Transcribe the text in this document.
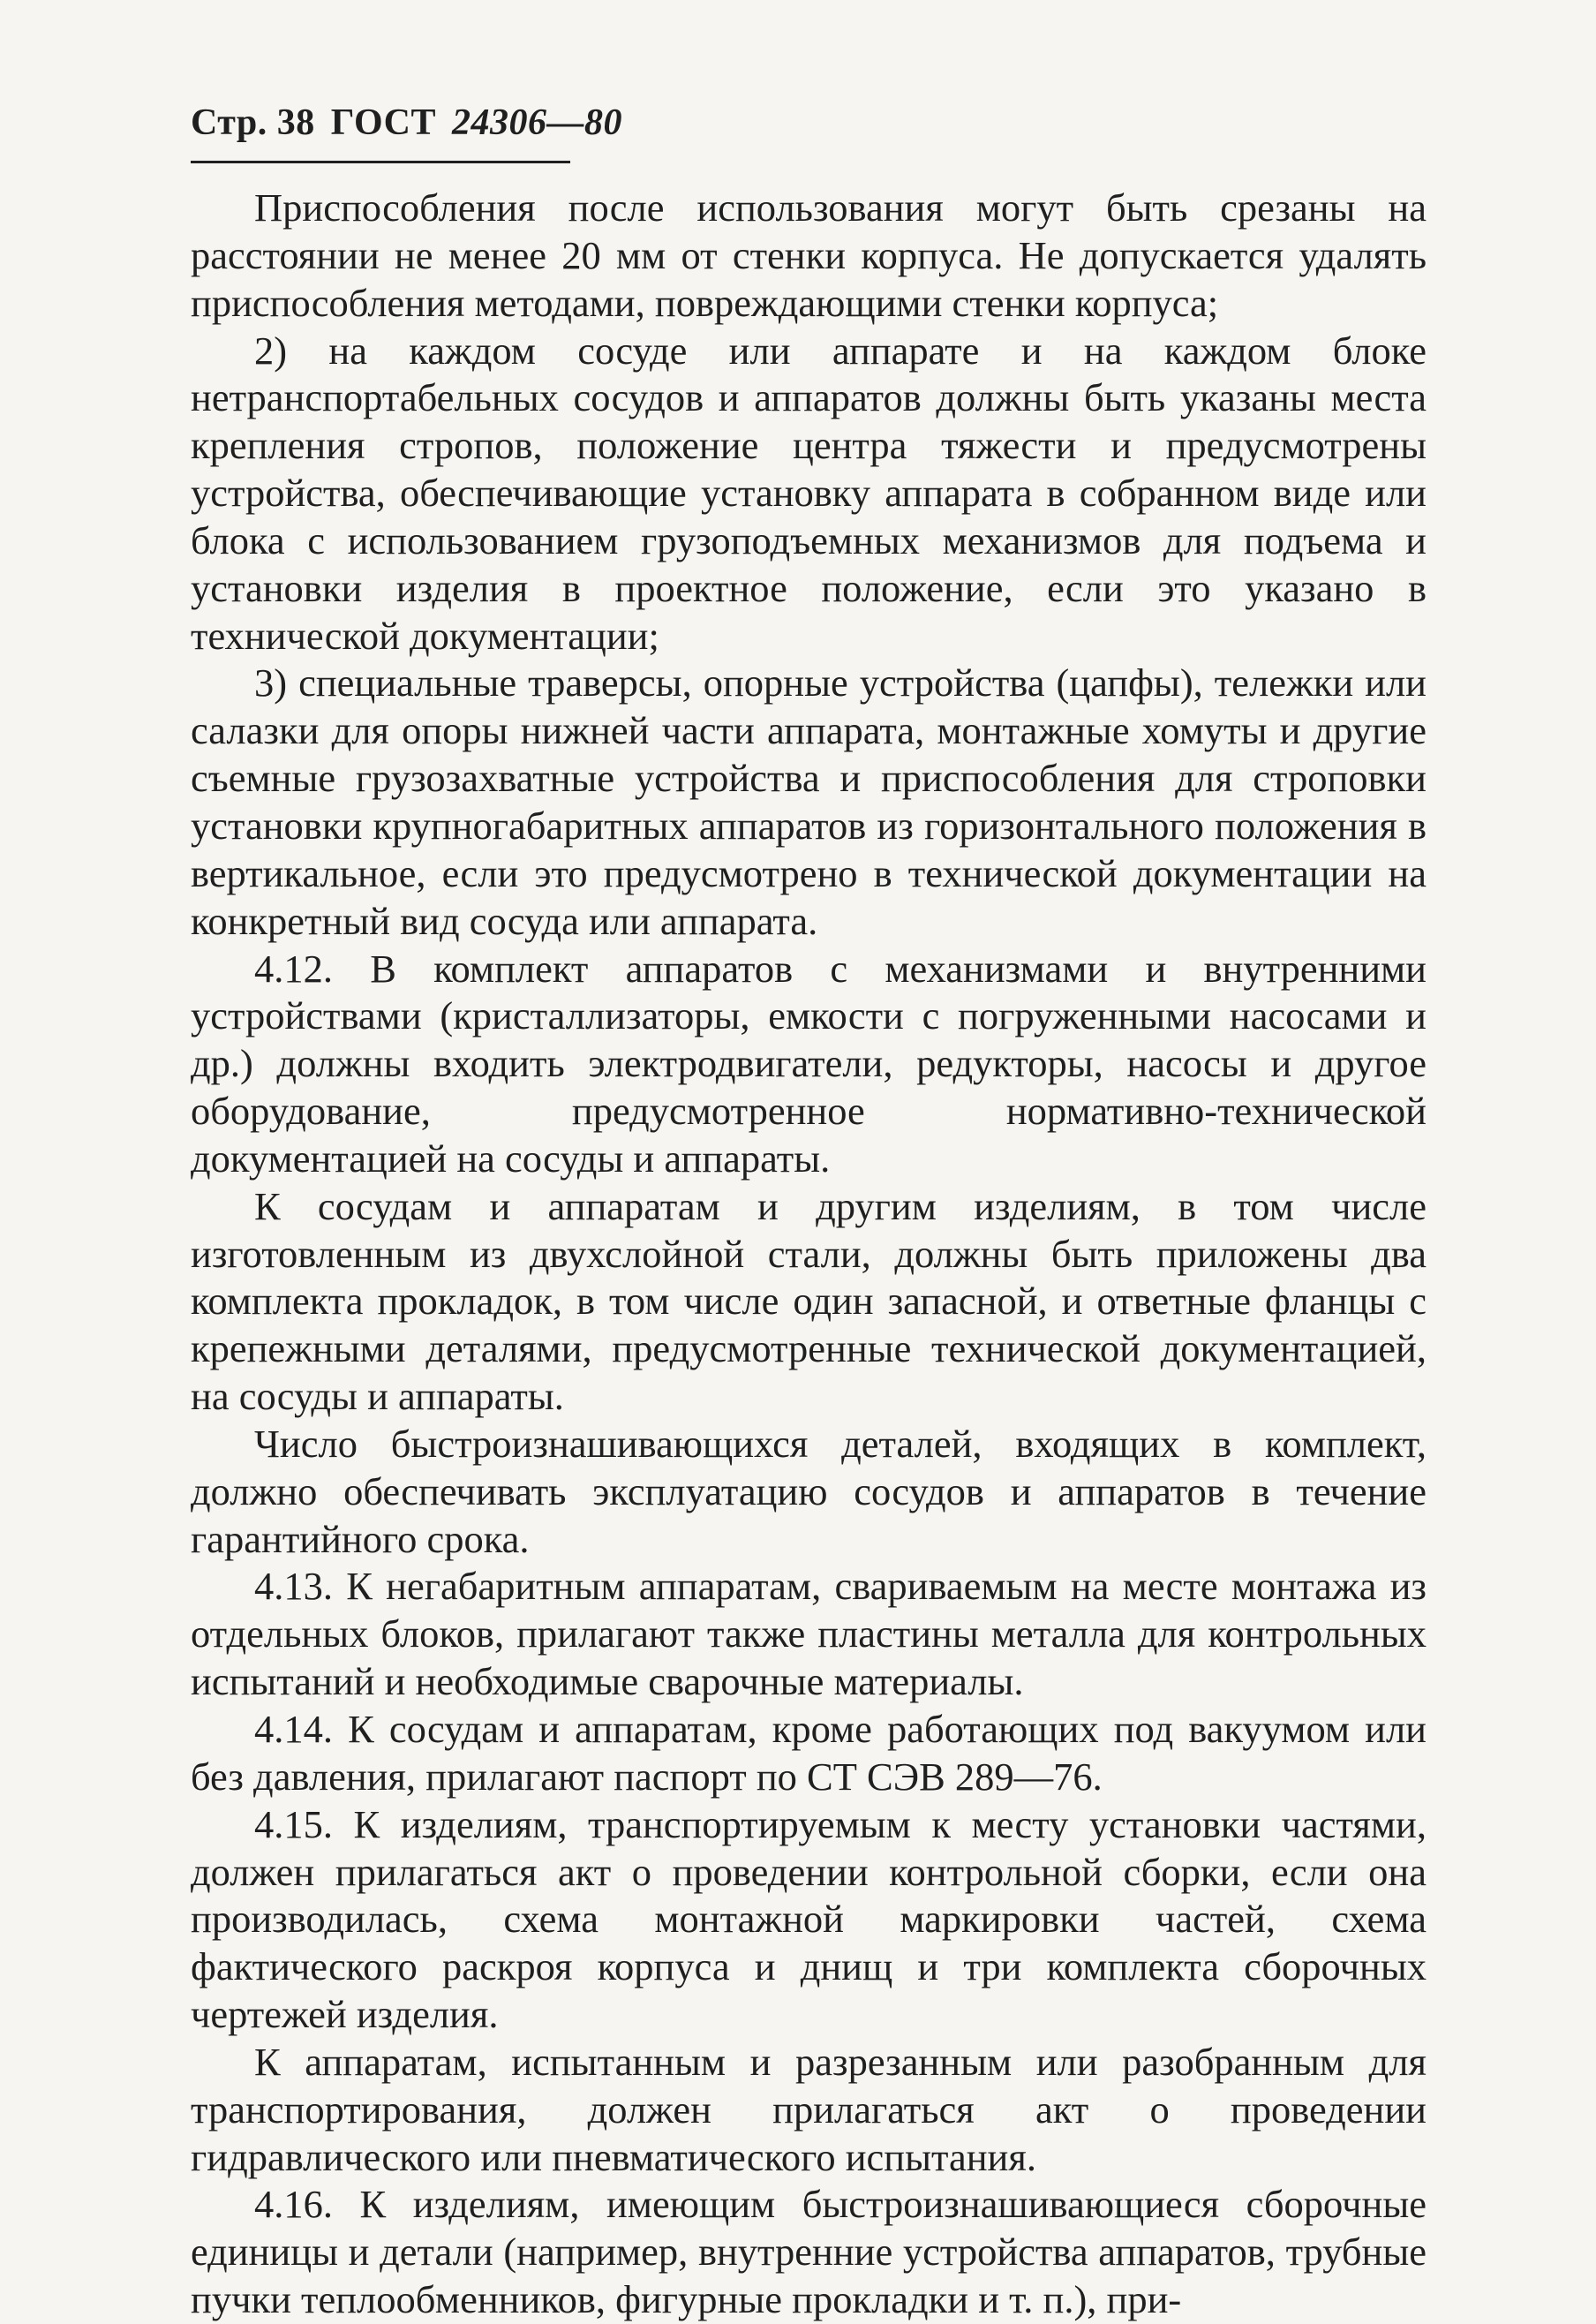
Стр. 38 ГОСТ 24306—80

Приспособления после использования могут быть срезаны на расстоянии не менее 20 мм от стенки корпуса. Не допускается удалять приспособления методами, повреждающими стенки корпуса;

2) на каждом сосуде или аппарате и на каждом блоке нетранспортабельных сосудов и аппаратов должны быть указаны места крепления стропов, положение центра тяжести и предусмотрены устройства, обеспечивающие установку аппарата в собранном виде или блока с использованием грузоподъемных механизмов для подъема и установки изделия в проектное положение, если это указано в технической документации;

3) специальные траверсы, опорные устройства (цапфы), тележки или салазки для опоры нижней части аппарата, монтажные хомуты и другие съемные грузозахватные устройства и приспособления для строповки установки крупногабаритных аппаратов из горизонтального положения в вертикальное, если это предусмотрено в технической документации на конкретный вид сосуда или аппарата.

4.12. В комплект аппаратов с механизмами и внутренними устройствами (кристаллизаторы, емкости с погруженными насосами и др.) должны входить электродвигатели, редукторы, насосы и другое оборудование, предусмотренное нормативно-технической документацией на сосуды и аппараты.

К сосудам и аппаратам и другим изделиям, в том числе изготовленным из двухслойной стали, должны быть приложены два комплекта прокладок, в том числе один запасной, и ответные фланцы с крепежными деталями, предусмотренные технической документацией, на сосуды и аппараты.

Число быстроизнашивающихся деталей, входящих в комплект, должно обеспечивать эксплуатацию сосудов и аппаратов в течение гарантийного срока.

4.13. К негабаритным аппаратам, свариваемым на месте монтажа из отдельных блоков, прилагают также пластины металла для контрольных испытаний и необходимые сварочные материалы.

4.14. К сосудам и аппаратам, кроме работающих под вакуумом или без давления, прилагают паспорт по СТ СЭВ 289—76.

4.15. К изделиям, транспортируемым к месту установки частями, должен прилагаться акт о проведении контрольной сборки, если она производилась, схема монтажной маркировки частей, схема фактического раскроя корпуса и днищ и три комплекта сборочных чертежей изделия.

К аппаратам, испытанным и разрезанным или разобранным для транспортирования, должен прилагаться акт о проведении гидравлического или пневматического испытания.

4.16. К изделиям, имеющим быстроизнашивающиеся сборочные единицы и детали (например, внутренние устройства аппаратов, трубные пучки теплообменников, фигурные прокладки и т. п.), при-
